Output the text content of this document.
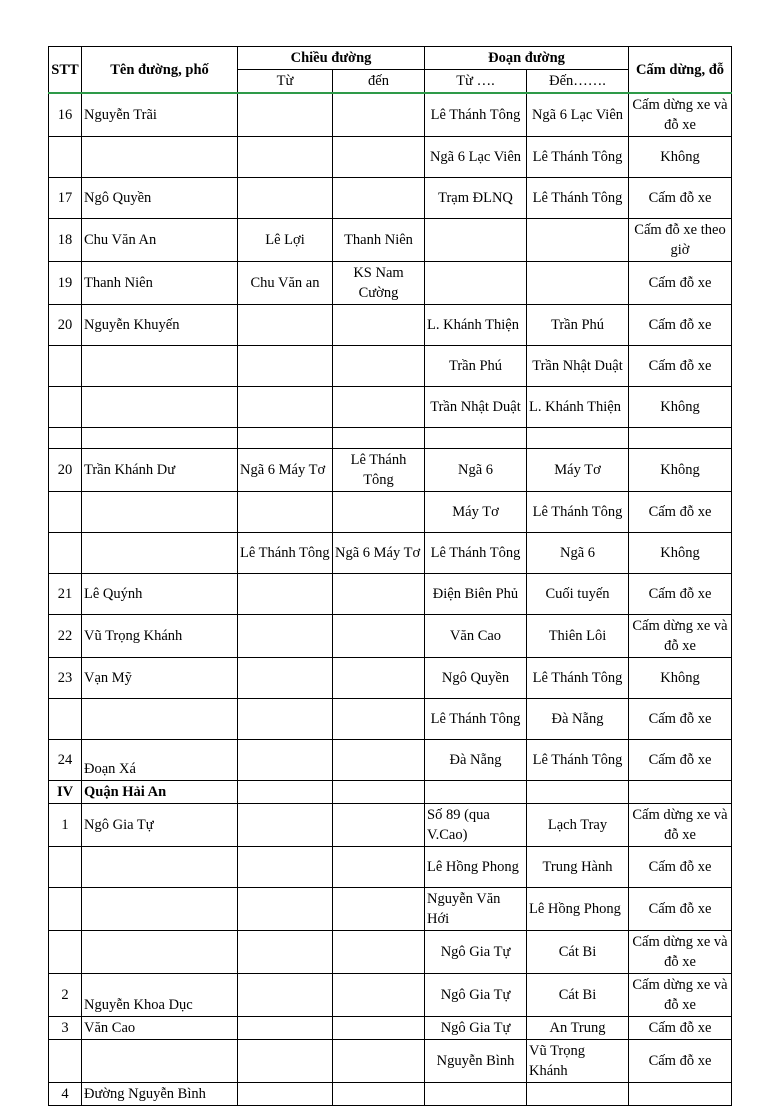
STT	Tên đường, phố	Chiều đường		Đoạn đường		Cấm dừng, đỗ
		Từ	đến	Từ ….	Đến…….	
16	Nguyễn Trãi			Lê Thánh Tông	Ngã 6 Lạc Viên	Cấm dừng xe và đỗ xe
				Ngã 6 Lạc Viên	Lê Thánh Tông	Không
17	Ngô Quyền			Trạm ĐLNQ	Lê Thánh Tông	Cấm đỗ xe
18	Chu Văn An	Lê Lợi	Thanh Niên			Cấm đỗ xe theo giờ
19	Thanh Niên	Chu Văn an	KS Nam Cường			Cấm đỗ xe
20	Nguyễn Khuyến			L. Khánh Thiện	Trần Phú	Cấm đỗ xe
				Trần Phú	Trần Nhật Duật	Cấm đỗ xe
				Trần Nhật Duật	L. Khánh Thiện	Không

20	Trần Khánh Dư	Ngã 6 Máy Tơ	Lê Thánh Tông	Ngã 6	Máy Tơ	Không
				Máy Tơ	Lê Thánh Tông	Cấm đỗ xe
		Lê Thánh Tông	Ngã 6 Máy Tơ	Lê Thánh Tông	Ngã 6	Không
21	Lê Quýnh			Điện Biên Phủ	Cuối tuyến	Cấm đỗ xe
22	Vũ Trọng Khánh			Văn Cao	Thiên Lôi	Cấm dừng xe và đỗ xe
23	Vạn Mỹ			Ngô Quyền	Lê Thánh Tông	Không
				Lê Thánh Tông	Đà Nẵng	Cấm đỗ xe
24	Đoạn Xá			Đà Nẵng	Lê Thánh Tông	Cấm đỗ xe
IV	Quận Hải An					
1	Ngô Gia Tự			Số 89 (qua V.Cao)	Lạch Tray	Cấm dừng xe và đỗ xe
				Lê Hồng Phong	Trung Hành	Cấm đỗ xe
				Nguyễn Văn Hới	Lê Hồng Phong	Cấm đỗ xe
				Ngô Gia Tự	Cát Bi	Cấm dừng xe và đỗ xe
2	Nguyễn Khoa Dục			Ngô Gia Tự	Cát Bi	Cấm dừng xe và đỗ xe
3	Văn Cao			Ngô Gia Tự	An Trung	Cấm đỗ xe
				Nguyễn Bình	Vũ Trọng Khánh	Cấm đỗ xe
4	Đường Nguyễn Bình					
